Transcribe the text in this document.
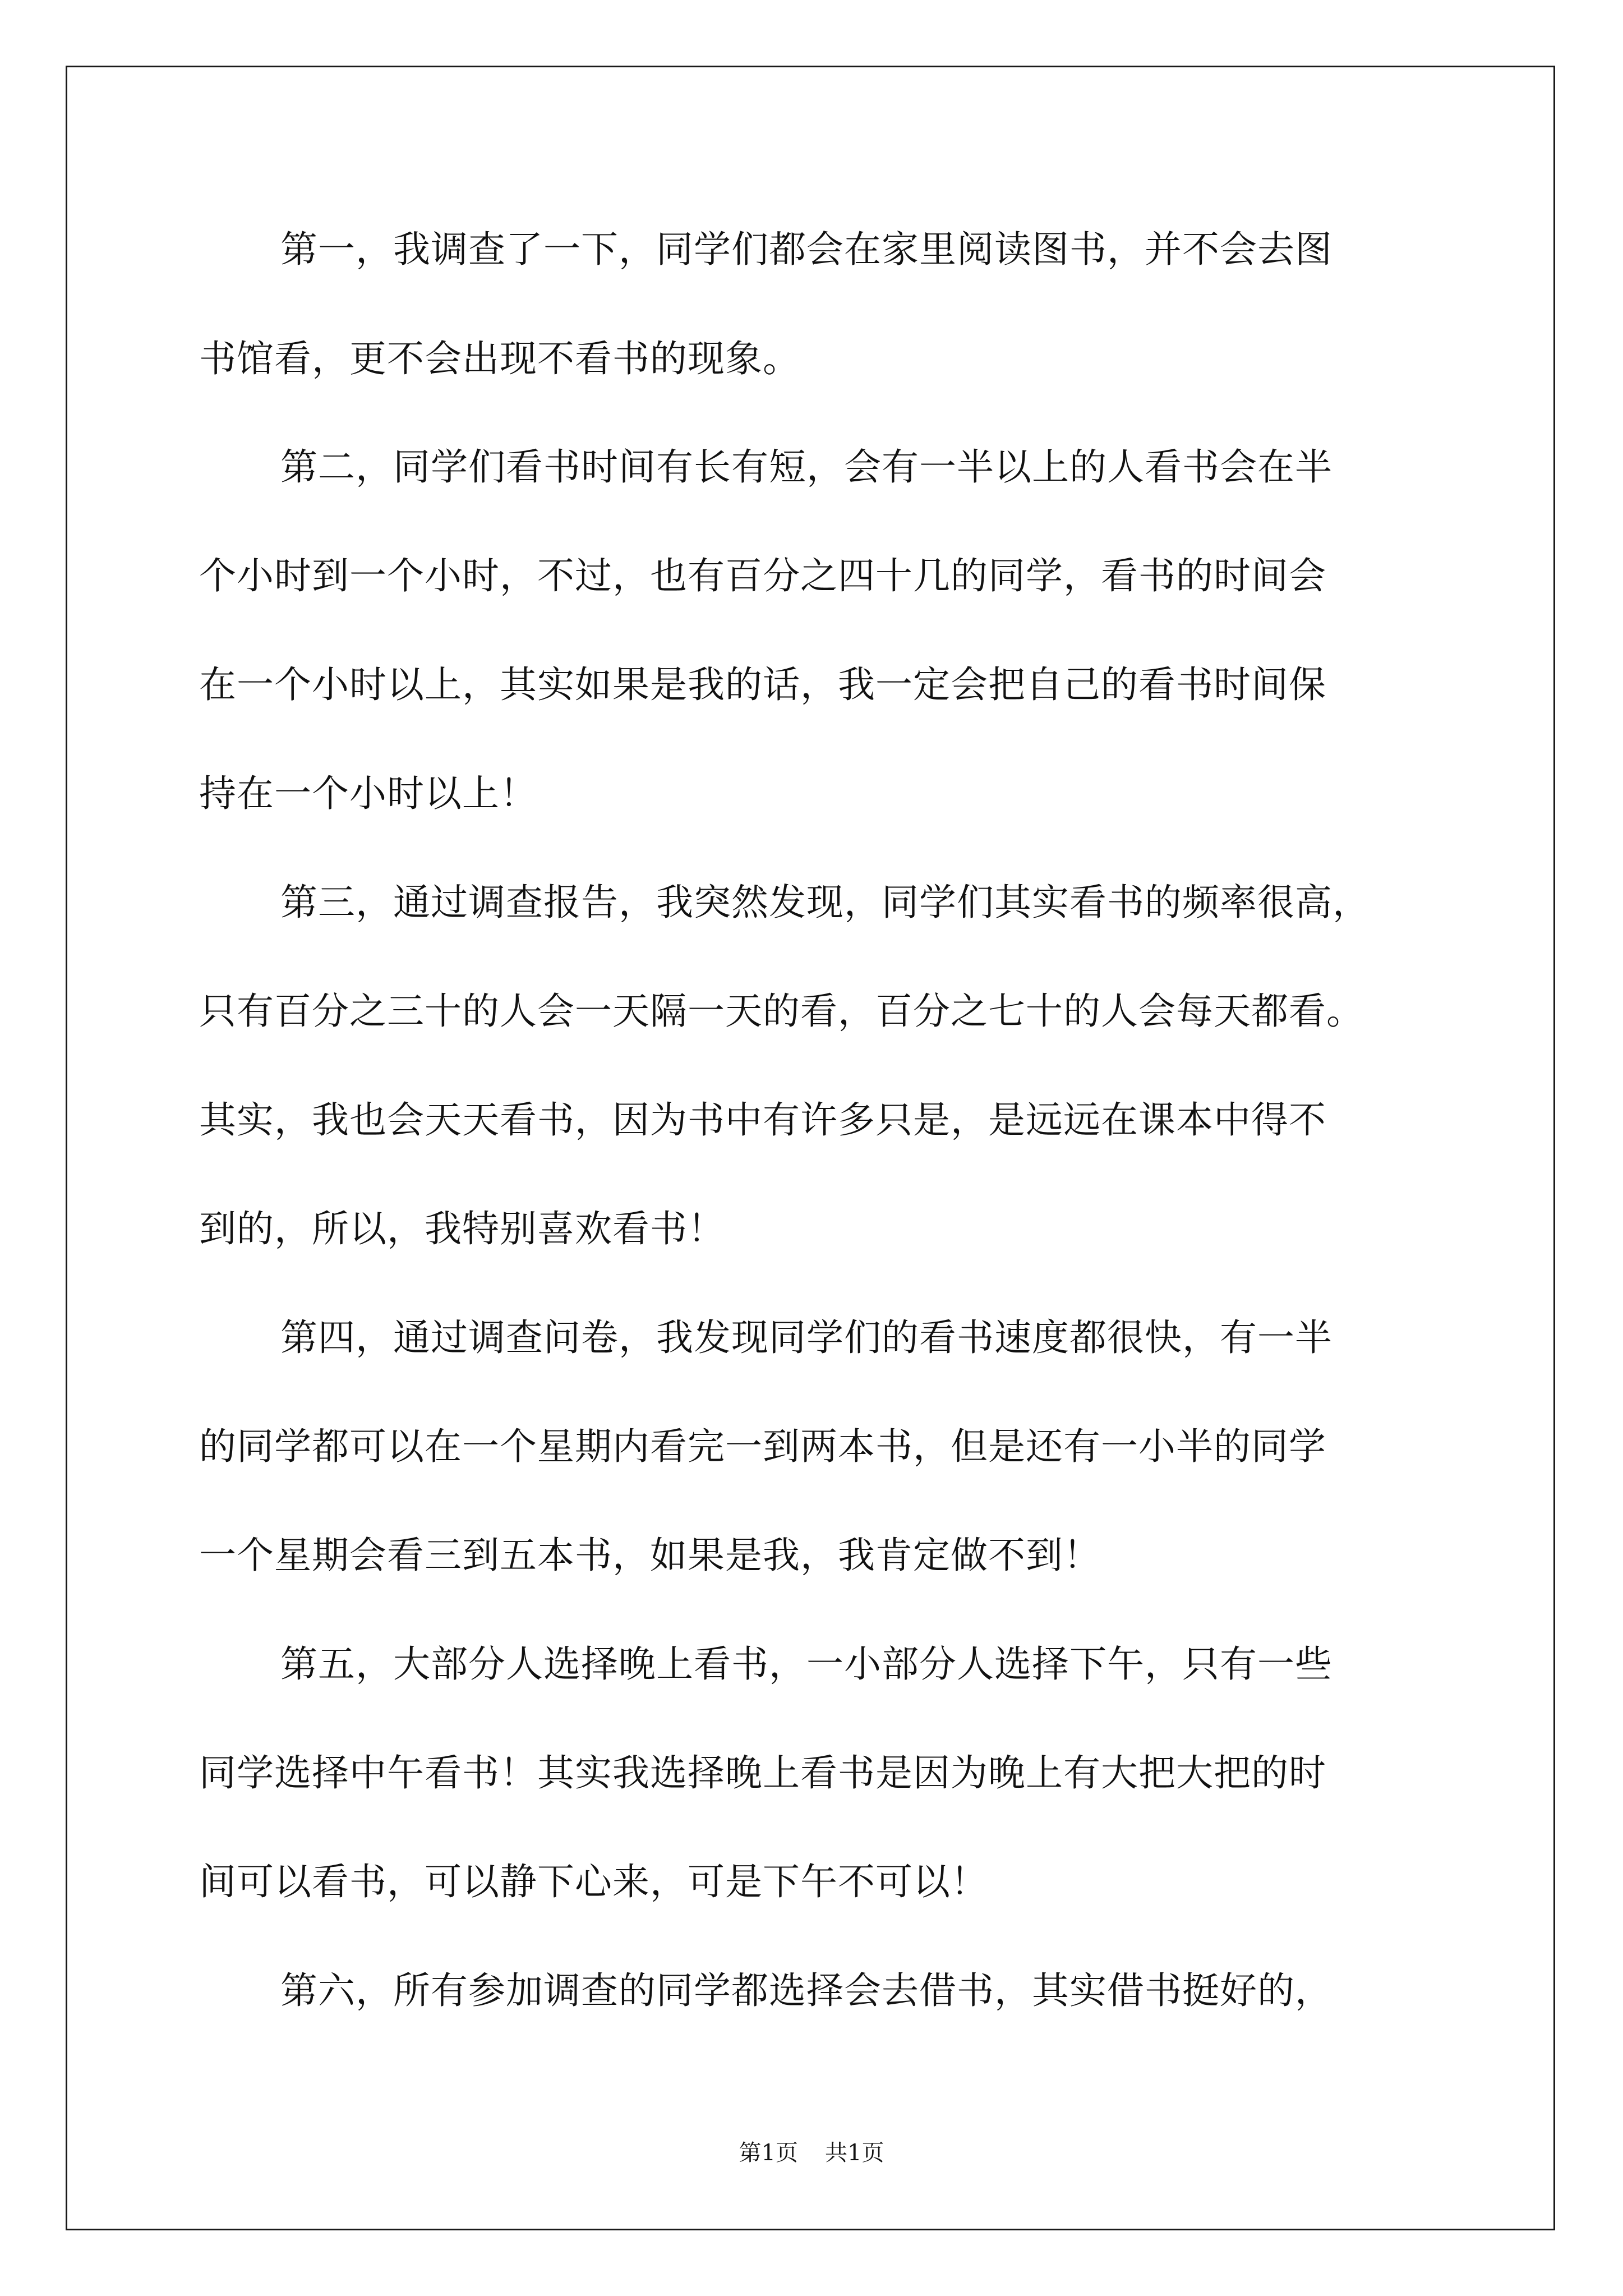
第一，我调查了一下，同学们都会在家里阅读图书，并不会去图

书馆看，更不会出现不看书的现象。

第二，同学们看书时间有长有短，会有一半以上的人看书会在半

个小时到一个小时，不过，也有百分之四十几的同学，看书的时间会

在一个小时以上，其实如果是我的话，我一定会把自己的看书时间保

持在一个小时以上！

第三，通过调查报告，我突然发现，同学们其实看书的频率很高，

只有百分之三十的人会一天隔一天的看，百分之七十的人会每天都看。

其实，我也会天天看书，因为书中有许多只是，是远远在课本中得不

到的，所以，我特别喜欢看书！

第四，通过调查问卷，我发现同学们的看书速度都很快，有一半

的同学都可以在一个星期内看完一到两本书，但是还有一小半的同学

一个星期会看三到五本书，如果是我，我肯定做不到！

第五，大部分人选择晚上看书，一小部分人选择下午，只有一些

同学选择中午看书！其实我选择晚上看书是因为晚上有大把大把的时

间可以看书，可以静下心来，可是下午不可以！

第六，所有参加调查的同学都选择会去借书，其实借书挺好的，

第1页 共1页
